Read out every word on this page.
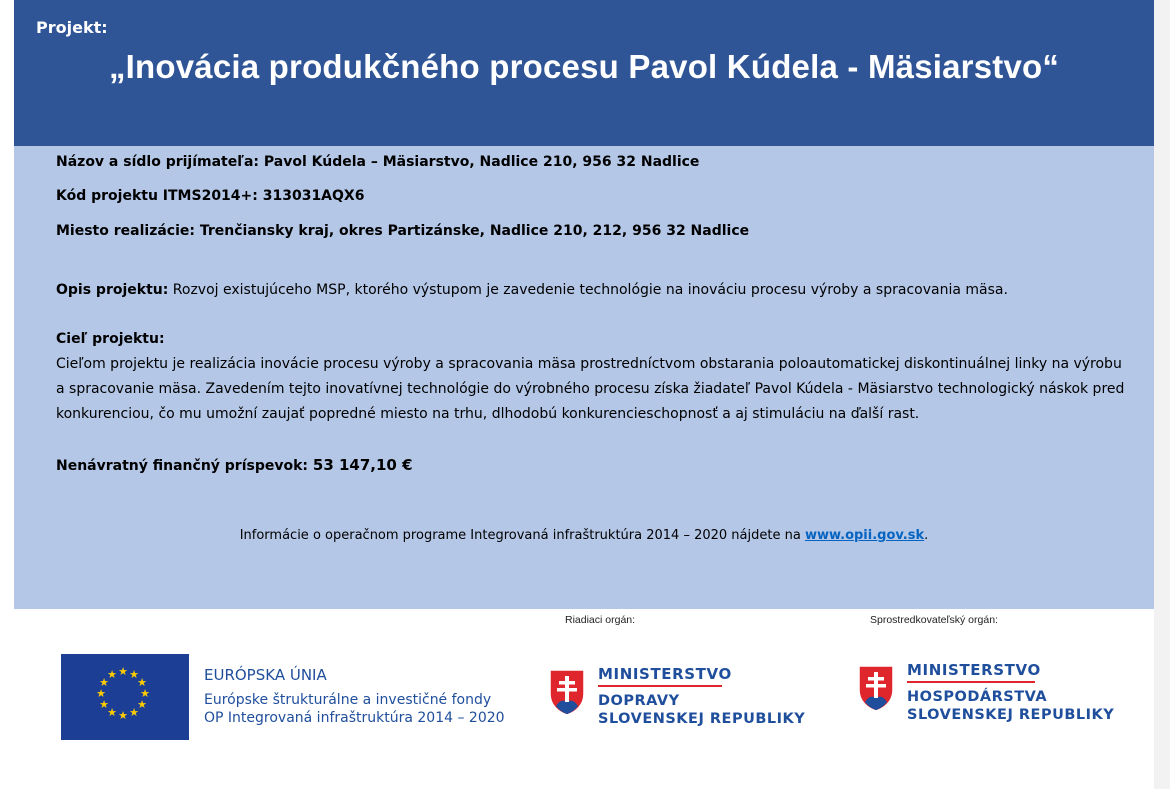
Projekt:
„Inovácia produkčného procesu Pavol Kúdela - Mäsiarstvo“
Názov a sídlo prijímateľa: Pavol Kúdela – Mäsiarstvo, Nadlice 210, 956 32 Nadlice
Kód projektu ITMS2014+: 313031AQX6
Miesto realizácie: Trenčiansky kraj, okres Partizánske, Nadlice 210, 212, 956 32 Nadlice
Opis projektu: Rozvoj existujúceho MSP, ktorého výstupom je zavedenie technológie na inováciu procesu výroby a spracovania mäsa.
Cieľ projektu:
Cieľom projektu je realizácia inovácie procesu výroby a spracovania mäsa prostredníctvom obstarania poloautomatickej diskontinuálnej linky na výrobu a spracovanie mäsa. Zavedením tejto inovatívnej technológie do výrobného procesu získa žiadateľ Pavol Kúdela - Mäsiarstvo technologický náskok pred konkurenciou, čo mu umožní zaujať popredné miesto na trhu, dlhodobú konkurencieschopnosť a aj stimuláciu na ďalší rast.
Nenávratný finančný príspevok: 53 147,10 €
Informácie o operačnom programe Integrovaná infraštruktúra 2014 – 2020 nájdete na www.opii.gov.sk.
Riadiaci orgán:	Sprostredkovateľský orgán:
★ ★
★
★
★
★
★
★
★
★
★
★	EURÓPSKA ÚNIA
Európske štrukturálne a investičné fondy
OP Integrovaná infraštruktúra 2014 – 2020
MINISTERSTVO
DOPRAVY
SLOVENSKEJ REPUBLIKY
MINISTERSTVO
HOSPODÁRSTVA
SLOVENSKEJ REPUBLIKY
